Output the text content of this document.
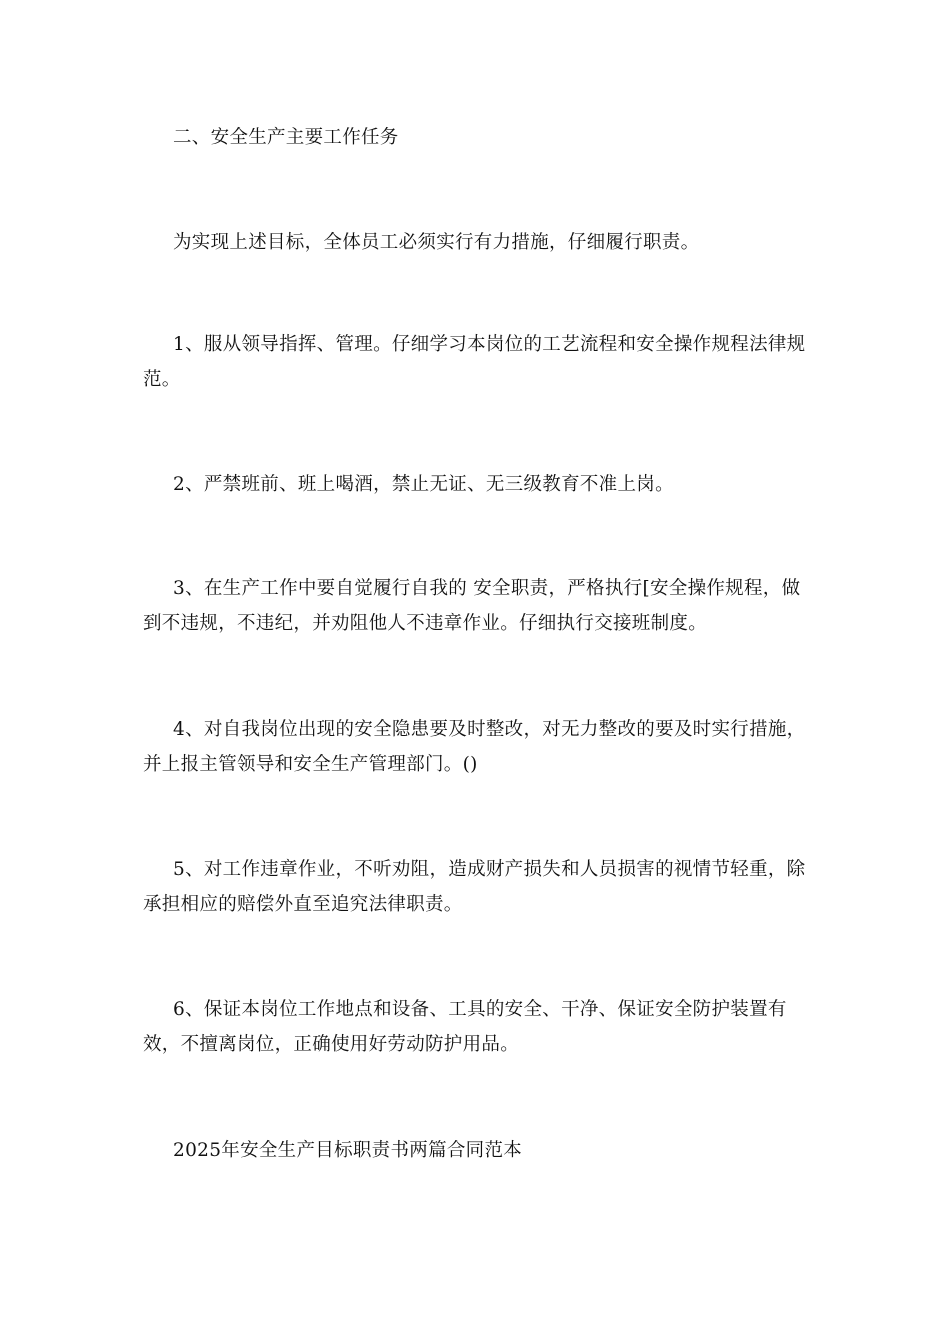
二、安全生产主要工作任务

为实现上述目标，全体员工必须实行有力措施，仔细履行职责。

1、服从领导指挥、管理。仔细学习本岗位的工艺流程和安全操作规程法律规范。

2、严禁班前、班上喝酒，禁止无证、无三级教育不准上岗。

3、在生产工作中要自觉履行自我的 安全职责，严格执行[安全操作规程，做到不违规，不违纪，并劝阻他人不违章作业。仔细执行交接班制度。

4、对自我岗位出现的安全隐患要及时整改，对无力整改的要及时实行措施，并上报主管领导和安全生产管理部门。()

5、对工作违章作业，不听劝阻，造成财产损失和人员损害的视情节轻重，除承担相应的赔偿外直至追究法律职责。

6、保证本岗位工作地点和设备、工具的安全、干净、保证安全防护装置有效，不擅离岗位，正确使用好劳动防护用品。

2025年安全生产目标职责书两篇合同范本
